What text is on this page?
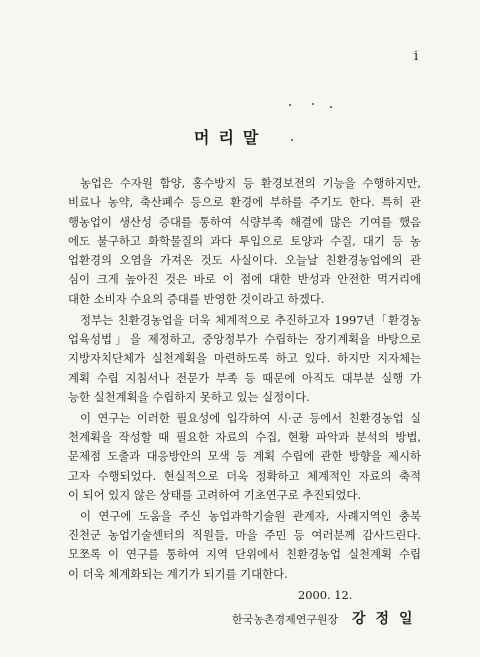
i
머리말
농업은 수자원 함양, 홍수방지 등 환경보전의 기능을 수행하지만,
비료나 농약, 축산폐수 등으로 환경에 부하를 주기도 한다. 특히 관
행농업이 생산성 증대를 통하여 식량부족 해결에 많은 기여를 했음
에도 불구하고 화학물질의 과다 투입으로 토양과 수질, 대기 등 농
업환경의 오염을 가져온 것도 사실이다. 오늘날 친환경농업에의 관
심이 크게 높아진 것은 바로 이 점에 대한 반성과 안전한 먹거리에
대한 소비자 수요의 증대를 반영한 것이라고 하겠다.
정부는 친환경농업을 더욱 체계적으로 추진하고자 1997년「환경농
업육성법」을 제정하고, 중앙정부가 수립하는 장기계획을 바탕으로
지방자치단체가 실천계획을 마련하도록 하고 있다. 하지만 지자체는
계획 수립 지침서나 전문가 부족 등 때문에 아직도 대부분 실행 가
능한 실천계획을 수립하지 못하고 있는 실정이다.
이 연구는 이러한 필요성에 입각하여 시·군 등에서 친환경농업 실
천계획을 작성할 때 필요한 자료의 수집, 현황 파악과 분석의 방법,
문제점 도출과 대응방안의 모색 등 계획 수립에 관한 방향을 제시하
고자 수행되었다. 현실적으로 더욱 정확하고 체계적인 자료의 축적
이 되어 있지 않은 상태를 고려하여 기초연구로 추진되었다.
이 연구에 도움을 주신 농업과학기술원 관계자, 사례지역인 충북
진천군 농업기술센터의 직원들, 마을 주민 등 여러분께 감사드린다.
모쪼록 이 연구를 통하여 지역 단위에서 친환경농업 실천계획 수립
이 더욱 체계화되는 계기가 되기를 기대한다.
2000. 12.
한국농촌경제연구원장 강정일
